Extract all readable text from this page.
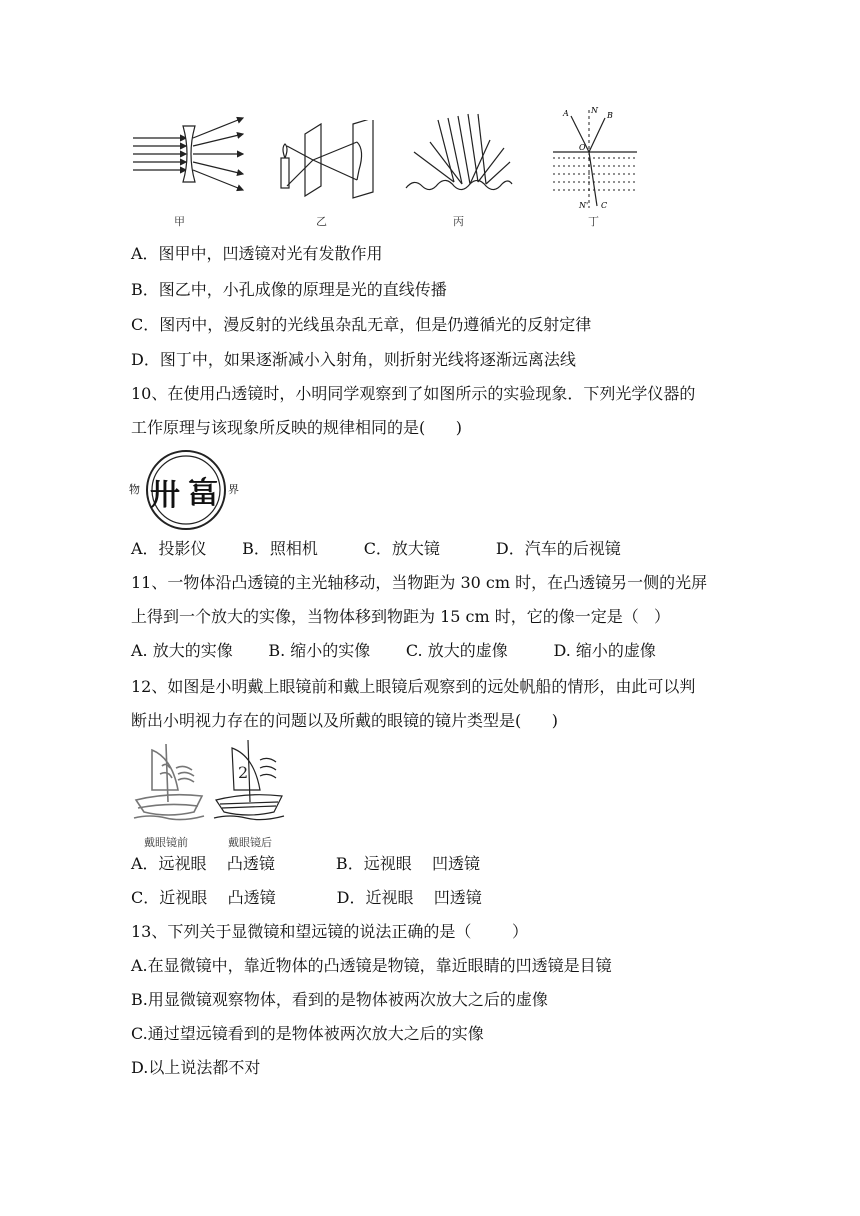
甲	乙	丙
A	N
B
O
N' C
丁
A．图甲中，凹透镜对光有发散作用
B．图乙中，小孔成像的原理是光的直线传播
C．图丙中，漫反射的光线虽杂乱无章，但是仍遵循光的反射定律
D．图丁中，如果逐渐减小入射角，则折射光线将逐渐远离法线
10、在使用凸透镜时，小明同学观察到了如图所示的实验现象．下列光学仪器的
工作原理与该现象所反映的规律相同的是(      )
物 卅 畗 界
A．投影仪       B．照相机         C．放大镜           D．汽车的后视镜
11、一物体沿凸透镜的主光轴移动，当物距为 30 cm 时，在凸透镜另一侧的光屏
上得到一个放大的实像，当物体移到物距为 15 cm 时，它的像一定是（   ）
A. 放大的实像       B. 缩小的实像       C. 放大的虚像         D. 缩小的虚像
12、如图是小明戴上眼镜前和戴上眼镜后观察到的远处帆船的情形，由此可以判
断出小明视力存在的问题以及所戴的眼镜的镜片类型是(      )
戴眼镜前
2
戴眼镜后
A．远视眼    凸透镜            B．远视眼    凹透镜
C．近视眼    凸透镜            D．近视眼    凹透镜
13、下列关于显微镜和望远镜的说法正确的是（        ）
A.在显微镜中，靠近物体的凸透镜是物镜，靠近眼睛的凹透镜是目镜
B.用显微镜观察物体，看到的是物体被两次放大之后的虚像
C.通过望远镜看到的是物体被两次放大之后的实像
D.以上说法都不对
